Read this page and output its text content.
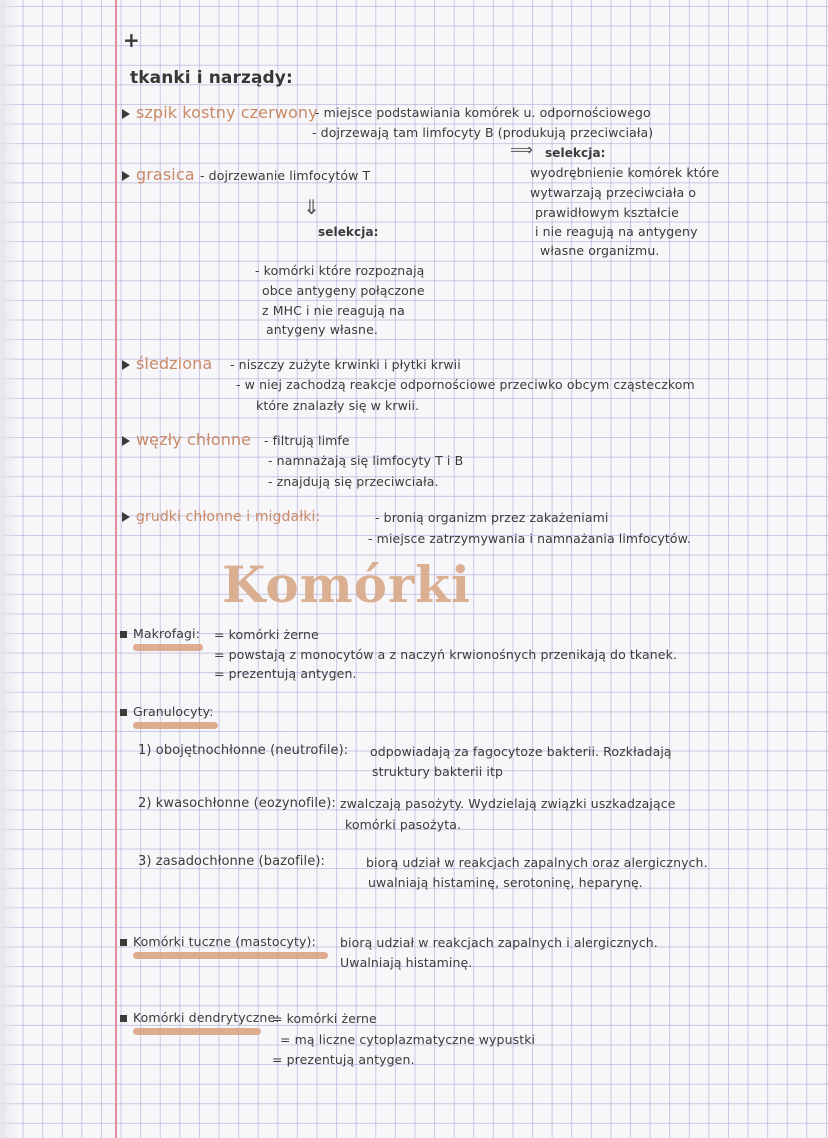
+
tkanki i narządy:
szpik kostny czerwony
- miejsce podstawiania komórek u. odpornościowego
- dojrzewają tam limfocyty B (produkują przeciwciała)
⟹ selekcja:
wyodrębnienie komórek które
wytwarzają przeciwciała o
prawidłowym kształcie
i nie reagują na antygeny
własne organizmu.
grasica - dojrzewanie limfocytów T
⇓
selekcja:
- komórki które rozpoznają
obce antygeny połączone
z MHC i nie reagują na
antygeny własne.
śledziona - niszczy zużyte krwinki i płytki krwii
- w niej zachodzą reakcje odpornościowe przeciwko obcym cząsteczkom
które znalazły się w krwii.
węzły chłonne - filtrują limfe
- namnażają się limfocyty T i B
- znajdują się przeciwciała.
grudki chłonne i migdałki:	- bronią organizm przez zakażeniami
- miejsce zatrzymywania i namnażania limfocytów.
Komórki
Makrofagi: = komórki żerne
= powstają z monocytów a z naczyń krwionośnych przenikają do tkanek.
= prezentują antygen.
Granulocyty:
1) obojętnochłonne (neutrofile): odpowiadają za fagocytoze bakterii. Rozkładają
struktury bakterii itp
2) kwasochłonne (eozynofile): zwalczają pasożyty. Wydzielają związki uszkadzające
komórki pasożyta.
3) zasadochłonne (bazofile):	biorą udział w reakcjach zapalnych oraz alergicznych.
uwalniają histaminę, serotoninę, heparynę.
Komórki tuczne (mastocyty): biorą udział w reakcjach zapalnych i alergicznych.
Uwalniają histaminę.
Komórki dendrytyczne:
= komórki żerne
= mą liczne cytoplazmatyczne wypustki
= prezentują antygen.
